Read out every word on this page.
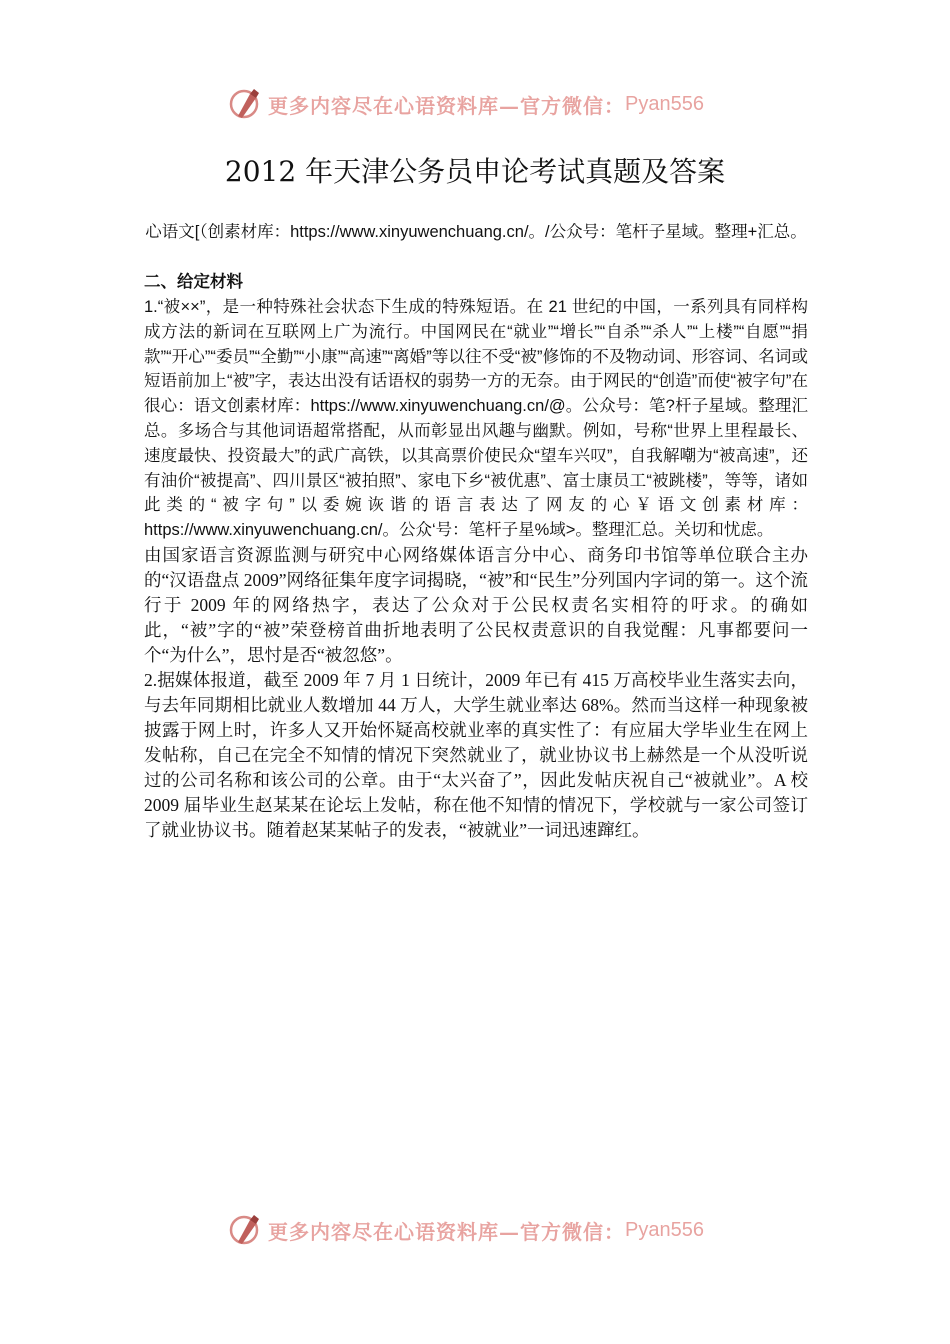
更多内容尽在心语资料库—官方微信： Pyan556
2012 年天津公务员申论考试真题及答案
心语文[（创素材库：https://www.xinyuwenchuang.cn/。/公众号：笔杆子星域。整理+汇总。

二、给定材料

1.“被××”，是一种特殊社会状态下生成的特殊短语。在 21 世纪的中国，一系列具有同样构成方法的新词在互联网上广为流行。中国网民在“就业”“增长”“自杀”“杀人”“上楼”“自愿”“捐款”“开心”“委员”“全勤”“小康”“高速”“离婚”等以往不受“被”修饰的不及物动词、形容词、名词或短语前加上“被”字，表达出没有话语权的弱势一方的无奈。由于网民的“创造”而使“被字句”在很心：语文创素材库：https://www.xinyuwenchuang.cn/@。公众号：笔?杆子星域。整理汇总。多场合与其他词语超常搭配，从而彰显出风趣与幽默。例如，号称“世界上里程最长、速度最快、投资最大”的武广高铁，以其高票价使民众“望车兴叹”，自我解嘲为“被高速”，还有油价“被提高”、四川景区“被拍照”、家电下乡“被优惠”、富士康员工“被跳楼”，等等，诸如此类的“被字句”以委婉诙谐的语言表达了网友的心￥语文创素材库：https://www.xinyuwenchuang.cn/。公众‘号：笔杆子星%域>。整理汇总。关切和忧虑。

由国家语言资源监测与研究中心网络媒体语言分中心、商务印书馆等单位联合主办的“汉语盘点 2009”网络征集年度字词揭晓，“被”和“民生”分列国内字词的第一。这个流行于 2009 年的网络热字，表达了公众对于公民权责名实相符的吁求。的确如此，“被”字的“被”荣登榜首曲折地表明了公民权责意识的自我觉醒：凡事都要问一个“为什么”，思忖是否“被忽悠”。

2.据媒体报道，截至 2009 年 7 月 1 日统计，2009 年已有 415 万高校毕业生落实去向，与去年同期相比就业人数增加 44 万人，大学生就业率达 68%。然而当这样一种现象被披露于网上时，许多人又开始怀疑高校就业率的真实性了：有应届大学毕业生在网上发帖称，自己在完全不知情的情况下突然就业了，就业协议书上赫然是一个从没听说过的公司名称和该公司的公章。由于“太兴奋了”，因此发帖庆祝自己“被就业”。A 校 2009 届毕业生赵某某在论坛上发帖，称在他不知情的情况下，学校就与一家公司签订了就业协议书。随着赵某某帖子的发表，“被就业”一词迅速蹿红。

更多内容尽在心语资料库—官方微信： Pyan556
